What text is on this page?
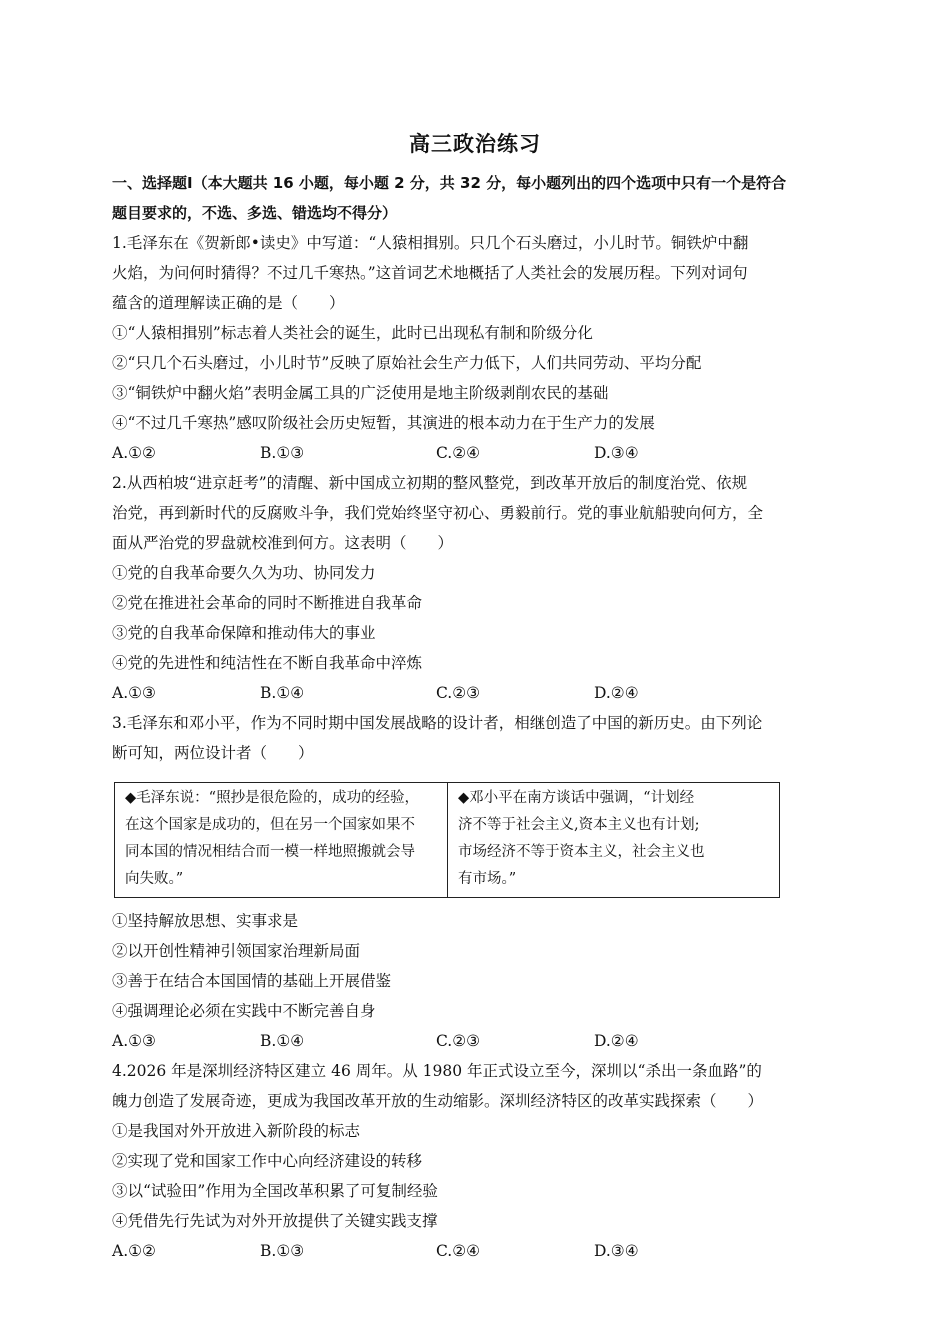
高三政治练习
一、选择题Ⅰ（本大题共 16 小题，每小题 2 分，共 32 分，每小题列出的四个选项中只有一个是符合
题目要求的，不选、多选、错选均不得分）
1.毛泽东在《贺新郎•读史》中写道：“人猿相揖别。只几个石头磨过，小儿时节。铜铁炉中翻
火焰，为问何时猜得？不过几千寒热。”这首词艺术地概括了人类社会的发展历程。下列对词句
蕴含的道理解读正确的是（　　）
①“人猿相揖别”标志着人类社会的诞生，此时已出现私有制和阶级分化
②“只几个石头磨过，小儿时节”反映了原始社会生产力低下，人们共同劳动、平均分配
③“铜铁炉中翻火焰”表明金属工具的广泛使用是地主阶级剥削农民的基础
④“不过几千寒热”感叹阶级社会历史短暂，其演进的根本动力在于生产力的发展
A.①②	B.①③	C.②④	D.③④
2.从西柏坡“进京赶考”的清醒、新中国成立初期的整风整党，到改革开放后的制度治党、依规
治党，再到新时代的反腐败斗争，我们党始终坚守初心、勇毅前行。党的事业航船驶向何方，全
面从严治党的罗盘就校准到何方。这表明（　　）
①党的自我革命要久久为功、协同发力
②党在推进社会革命的同时不断推进自我革命
③党的自我革命保障和推动伟大的事业
④党的先进性和纯洁性在不断自我革命中淬炼
A.①③	B.①④	C.②③	D.②④
3.毛泽东和邓小平，作为不同时期中国发展战略的设计者，相继创造了中国的新历史。由下列论
断可知，两位设计者（　　）
◆毛泽东说：“照抄是很危险的，成功的经验，
在这个国家是成功的，但在另一个国家如果不
同本国的情况相结合而一模一样地照搬就会导
向失败。”
◆邓小平在南方谈话中强调，“计划经
济不等于社会主义,资本主义也有计划;
市场经济不等于资本主义，社会主义也
有市场。”
①坚持解放思想、实事求是
②以开创性精神引领国家治理新局面
③善于在结合本国国情的基础上开展借鉴
④强调理论必须在实践中不断完善自身
A.①③	B.①④	C.②③	D.②④
4.2026 年是深圳经济特区建立 46 周年。从 1980 年正式设立至今，深圳以“杀出一条血路”的
魄力创造了发展奇迹，更成为我国改革开放的生动缩影。深圳经济特区的改革实践探索（　　）
①是我国对外开放进入新阶段的标志
②实现了党和国家工作中心向经济建设的转移
③以“试验田”作用为全国改革积累了可复制经验
④凭借先行先试为对外开放提供了关键实践支撑
A.①②	B.①③	C.②④	D.③④
